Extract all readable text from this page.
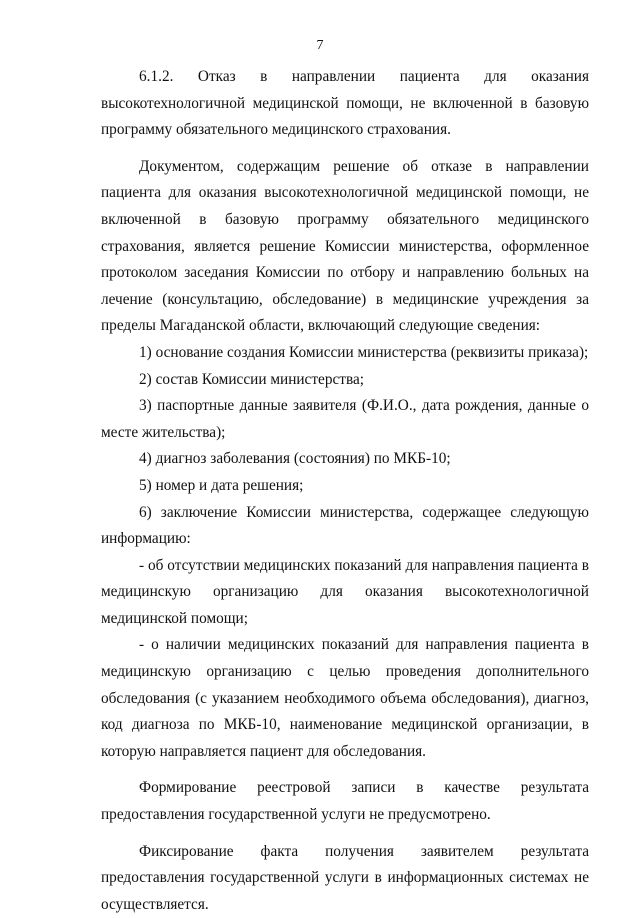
7

6.1.2. Отказ в направлении пациента для оказания высокотехнологичной медицинской помощи, не включенной в базовую программу обязательного медицинского страхования.

Документом, содержащим решение об отказе в направлении пациента для оказания высокотехнологичной медицинской помощи, не включенной в базовую программу обязательного медицинского страхования, является решение Комиссии министерства, оформленное протоколом заседания Комиссии по отбору и направлению больных на лечение (консультацию, обследование) в медицинские учреждения за пределы Магаданской области, включающий следующие сведения:

1) основание создания Комиссии министерства (реквизиты приказа);

2) состав Комиссии министерства;

3) паспортные данные заявителя (Ф.И.О., дата рождения, данные о месте жительства);

4) диагноз заболевания (состояния) по МКБ-10;

5) номер и дата решения;

6) заключение Комиссии министерства, содержащее следующую информацию:

- об отсутствии медицинских показаний для направления пациента в медицинскую организацию для оказания высокотехнологичной медицинской помощи;

- о наличии медицинских показаний для направления пациента в медицинскую организацию с целью проведения дополнительного обследования (с указанием необходимого объема обследования), диагноз, код диагноза по МКБ-10, наименование медицинской организации, в которую направляется пациент для обследования.

Формирование реестровой записи в качестве результата предоставления государственной услуги не предусмотрено.

Фиксирование факта получения заявителем результата предоставления государственной услуги в информационных системах не осуществляется.
